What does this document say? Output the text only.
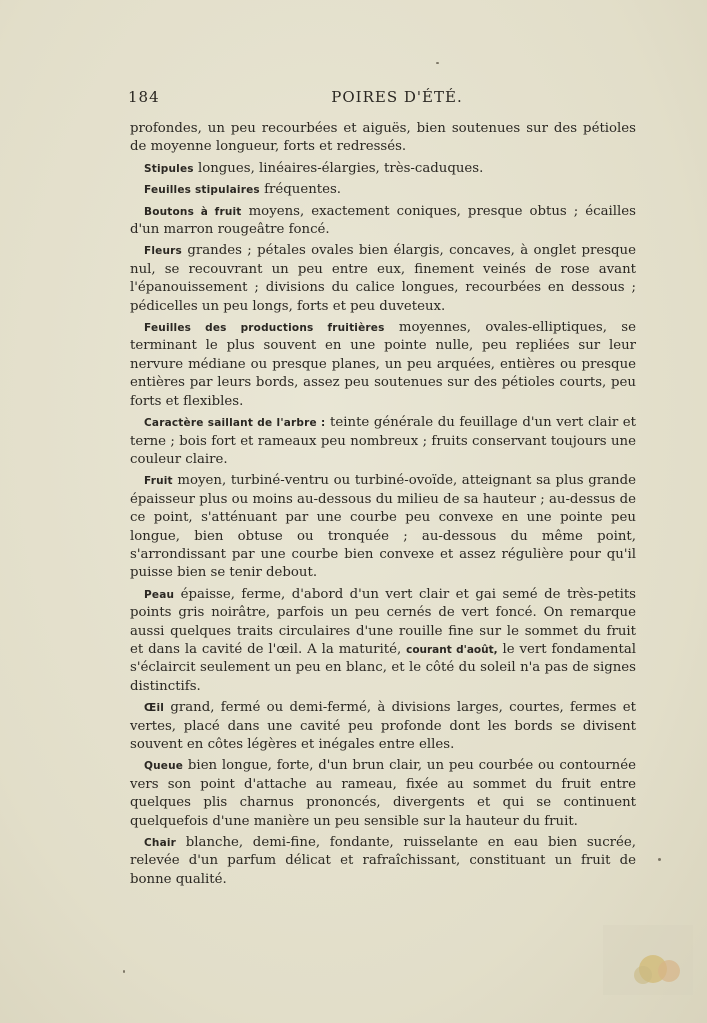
184	POIRES D'ÉTÉ.

profondes, un peu recourbées et aiguës, bien soutenues sur des pétioles de moyenne longueur, forts et redressés.

Stipules longues, linéaires-élargies, très-caduques.

Feuilles stipulaires fréquentes.

Boutons à fruit moyens, exactement coniques, presque obtus ; écailles d'un marron rougeâtre foncé.

Fleurs grandes ; pétales ovales bien élargis, concaves, à onglet presque nul, se recouvrant un peu entre eux, finement veinés de rose avant l'épanouissement ; divisions du calice longues, recourbées en dessous ; pédicelles un peu longs, forts et peu duveteux.

Feuilles des productions fruitières moyennes, ovales-elliptiques, se terminant le plus souvent en une pointe nulle, peu repliées sur leur nervure médiane ou presque planes, un peu arquées, entières ou presque entières par leurs bords, assez peu soutenues sur des pétioles courts, peu forts et flexibles.

Caractère saillant de l'arbre : teinte générale du feuillage d'un vert clair et terne ; bois fort et rameaux peu nombreux ; fruits conservant toujours une couleur claire.

Fruit moyen, turbiné-ventru ou turbiné-ovoïde, atteignant sa plus grande épaisseur plus ou moins au-dessous du milieu de sa hauteur ; au-dessus de ce point, s'atténuant par une courbe peu convexe en une pointe peu longue, bien obtuse ou tronquée ; au-dessous du même point, s'arrondissant par une courbe bien convexe et assez régulière pour qu'il puisse bien se tenir debout.

Peau épaisse, ferme, d'abord d'un vert clair et gai semé de très-petits points gris noirâtre, parfois un peu cernés de vert foncé. On remarque aussi quelques traits circulaires d'une rouille fine sur le sommet du fruit et dans la cavité de l'œil. A la maturité, courant d'août, le vert fondamental s'éclaircit seulement un peu en blanc, et le côté du soleil n'a pas de signes distinctifs.

Œil grand, fermé ou demi-fermé, à divisions larges, courtes, fermes et vertes, placé dans une cavité peu profonde dont les bords se divisent souvent en côtes légères et inégales entre elles.

Queue bien longue, forte, d'un brun clair, un peu courbée ou contournée vers son point d'attache au rameau, fixée au sommet du fruit entre quelques plis charnus prononcés, divergents et qui se continuent quelquefois d'une manière un peu sensible sur la hauteur du fruit.

Chair blanche, demi-fine, fondante, ruisselante en eau bien sucrée, relevée d'un parfum délicat et rafraîchissant, constituant un fruit de bonne qualité.
